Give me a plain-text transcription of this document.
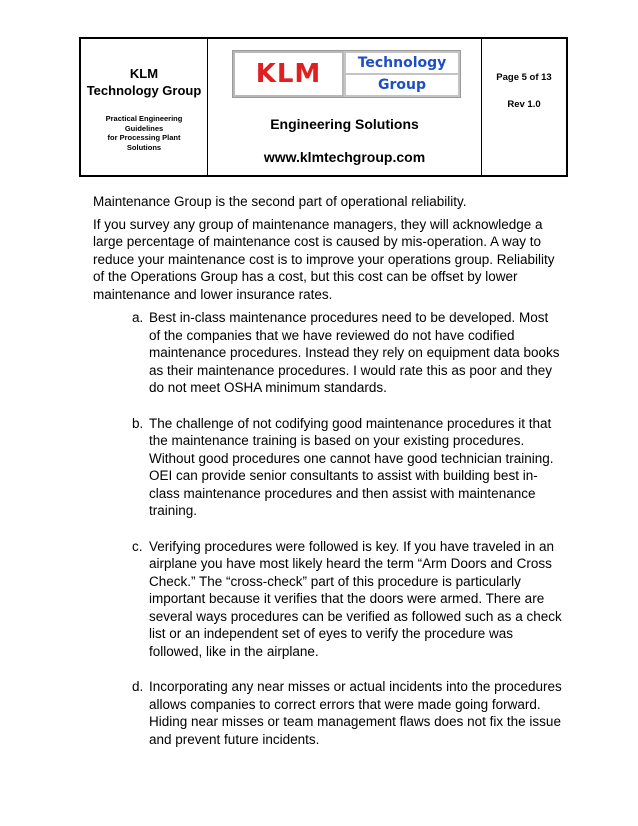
KLM
Technology Group
Practical Engineering
Guidelines
for Processing Plant
Solutions
KLM	Technology
Group
Engineering Solutions
www.klmtechgroup.com
Page 5 of 13
Rev 1.0

Maintenance Group is the second part of operational reliability.

If you survey any group of maintenance managers, they will acknowledge a large percentage of maintenance cost is caused by mis-operation. A way to reduce your maintenance cost is to improve your operations group. Reliability of the Operations Group has a cost, but this cost can be offset by lower maintenance and lower insurance rates.

a. Best in-class maintenance procedures need to be developed. Most of the companies that we have reviewed do not have codified maintenance procedures. Instead they rely on equipment data books as their maintenance procedures. I would rate this as poor and they do not meet OSHA minimum standards.
b. The challenge of not codifying good maintenance procedures it that the maintenance training is based on your existing procedures. Without good procedures one cannot have good technician training. OEI can provide senior consultants to assist with building best in-class maintenance procedures and then assist with maintenance training.
c. Verifying procedures were followed is key. If you have traveled in an airplane you have most likely heard the term “Arm Doors and Cross Check.” The “cross-check” part of this procedure is particularly important because it verifies that the doors were armed. There are several ways procedures can be verified as followed such as a check list or an independent set of eyes to verify the procedure was followed, like in the airplane.
d. Incorporating any near misses or actual incidents into the procedures allows companies to correct errors that were made going forward. Hiding near misses or team management flaws does not fix the issue and prevent future incidents.
